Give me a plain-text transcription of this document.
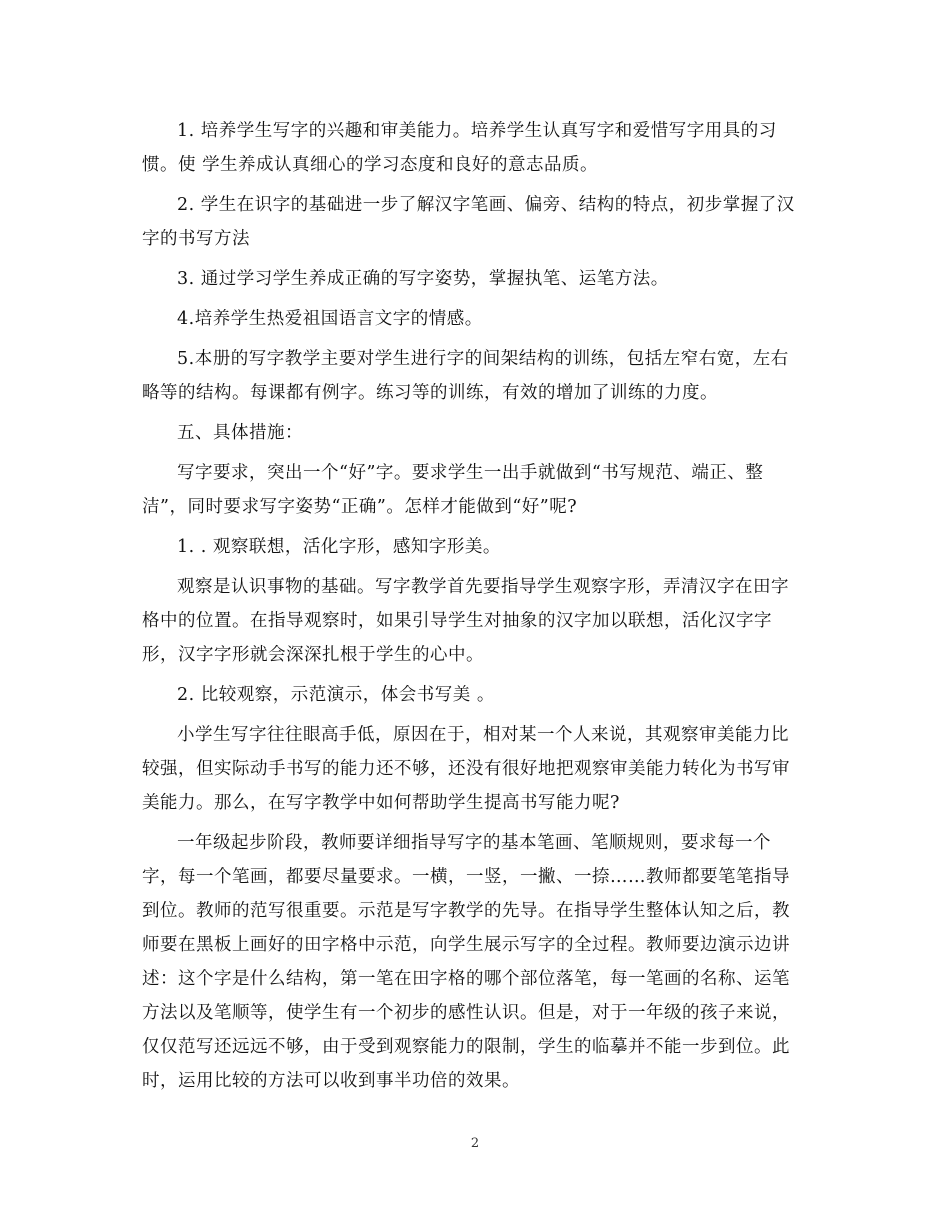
1. 培养学生写字的兴趣和审美能力。培养学生认真写字和爱惜写字用具的习惯。使 学生养成认真细心的学习态度和良好的意志品质。

2. 学生在识字的基础进一步了解汉字笔画、偏旁、结构的特点，初步掌握了汉字的书写方法

3. 通过学习学生养成正确的写字姿势，掌握执笔、运笔方法。

4.培养学生热爱祖国语言文字的情感。

5.本册的写字教学主要对学生进行字的间架结构的训练，包括左窄右宽，左右略等的结构。每课都有例字。练习等的训练，有效的增加了训练的力度。

五、具体措施：

写字要求，突出一个“好”字。要求学生一出手就做到“书写规范、端正、整洁”，同时要求写字姿势“正确”。怎样才能做到“好”呢?

1. . 观察联想，活化字形，感知字形美。

观察是认识事物的基础。写字教学首先要指导学生观察字形，弄清汉字在田字格中的位置。在指导观察时，如果引导学生对抽象的汉字加以联想，活化汉字字形，汉字字形就会深深扎根于学生的心中。

2. 比较观察，示范演示，体会书写美 。

小学生写字往往眼高手低，原因在于，相对某一个人来说，其观察审美能力比较强，但实际动手书写的能力还不够，还没有很好地把观察审美能力转化为书写审美能力。那么，在写字教学中如何帮助学生提高书写能力呢?

一年级起步阶段，教师要详细指导写字的基本笔画、笔顺规则，要求每一个字，每一个笔画，都要尽量要求。一横，一竖，一撇、一捺……教师都要笔笔指导到位。教师的范写很重要。示范是写字教学的先导。在指导学生整体认知之后，教师要在黑板上画好的田字格中示范，向学生展示写字的全过程。教师要边演示边讲述：这个字是什么结构，第一笔在田字格的哪个部位落笔，每一笔画的名称、运笔方法以及笔顺等，使学生有一个初步的感性认识。但是，对于一年级的孩子来说，仅仅范写还远远不够，由于受到观察能力的限制，学生的临摹并不能一步到位。此时，运用比较的方法可以收到事半功倍的效果。

2
